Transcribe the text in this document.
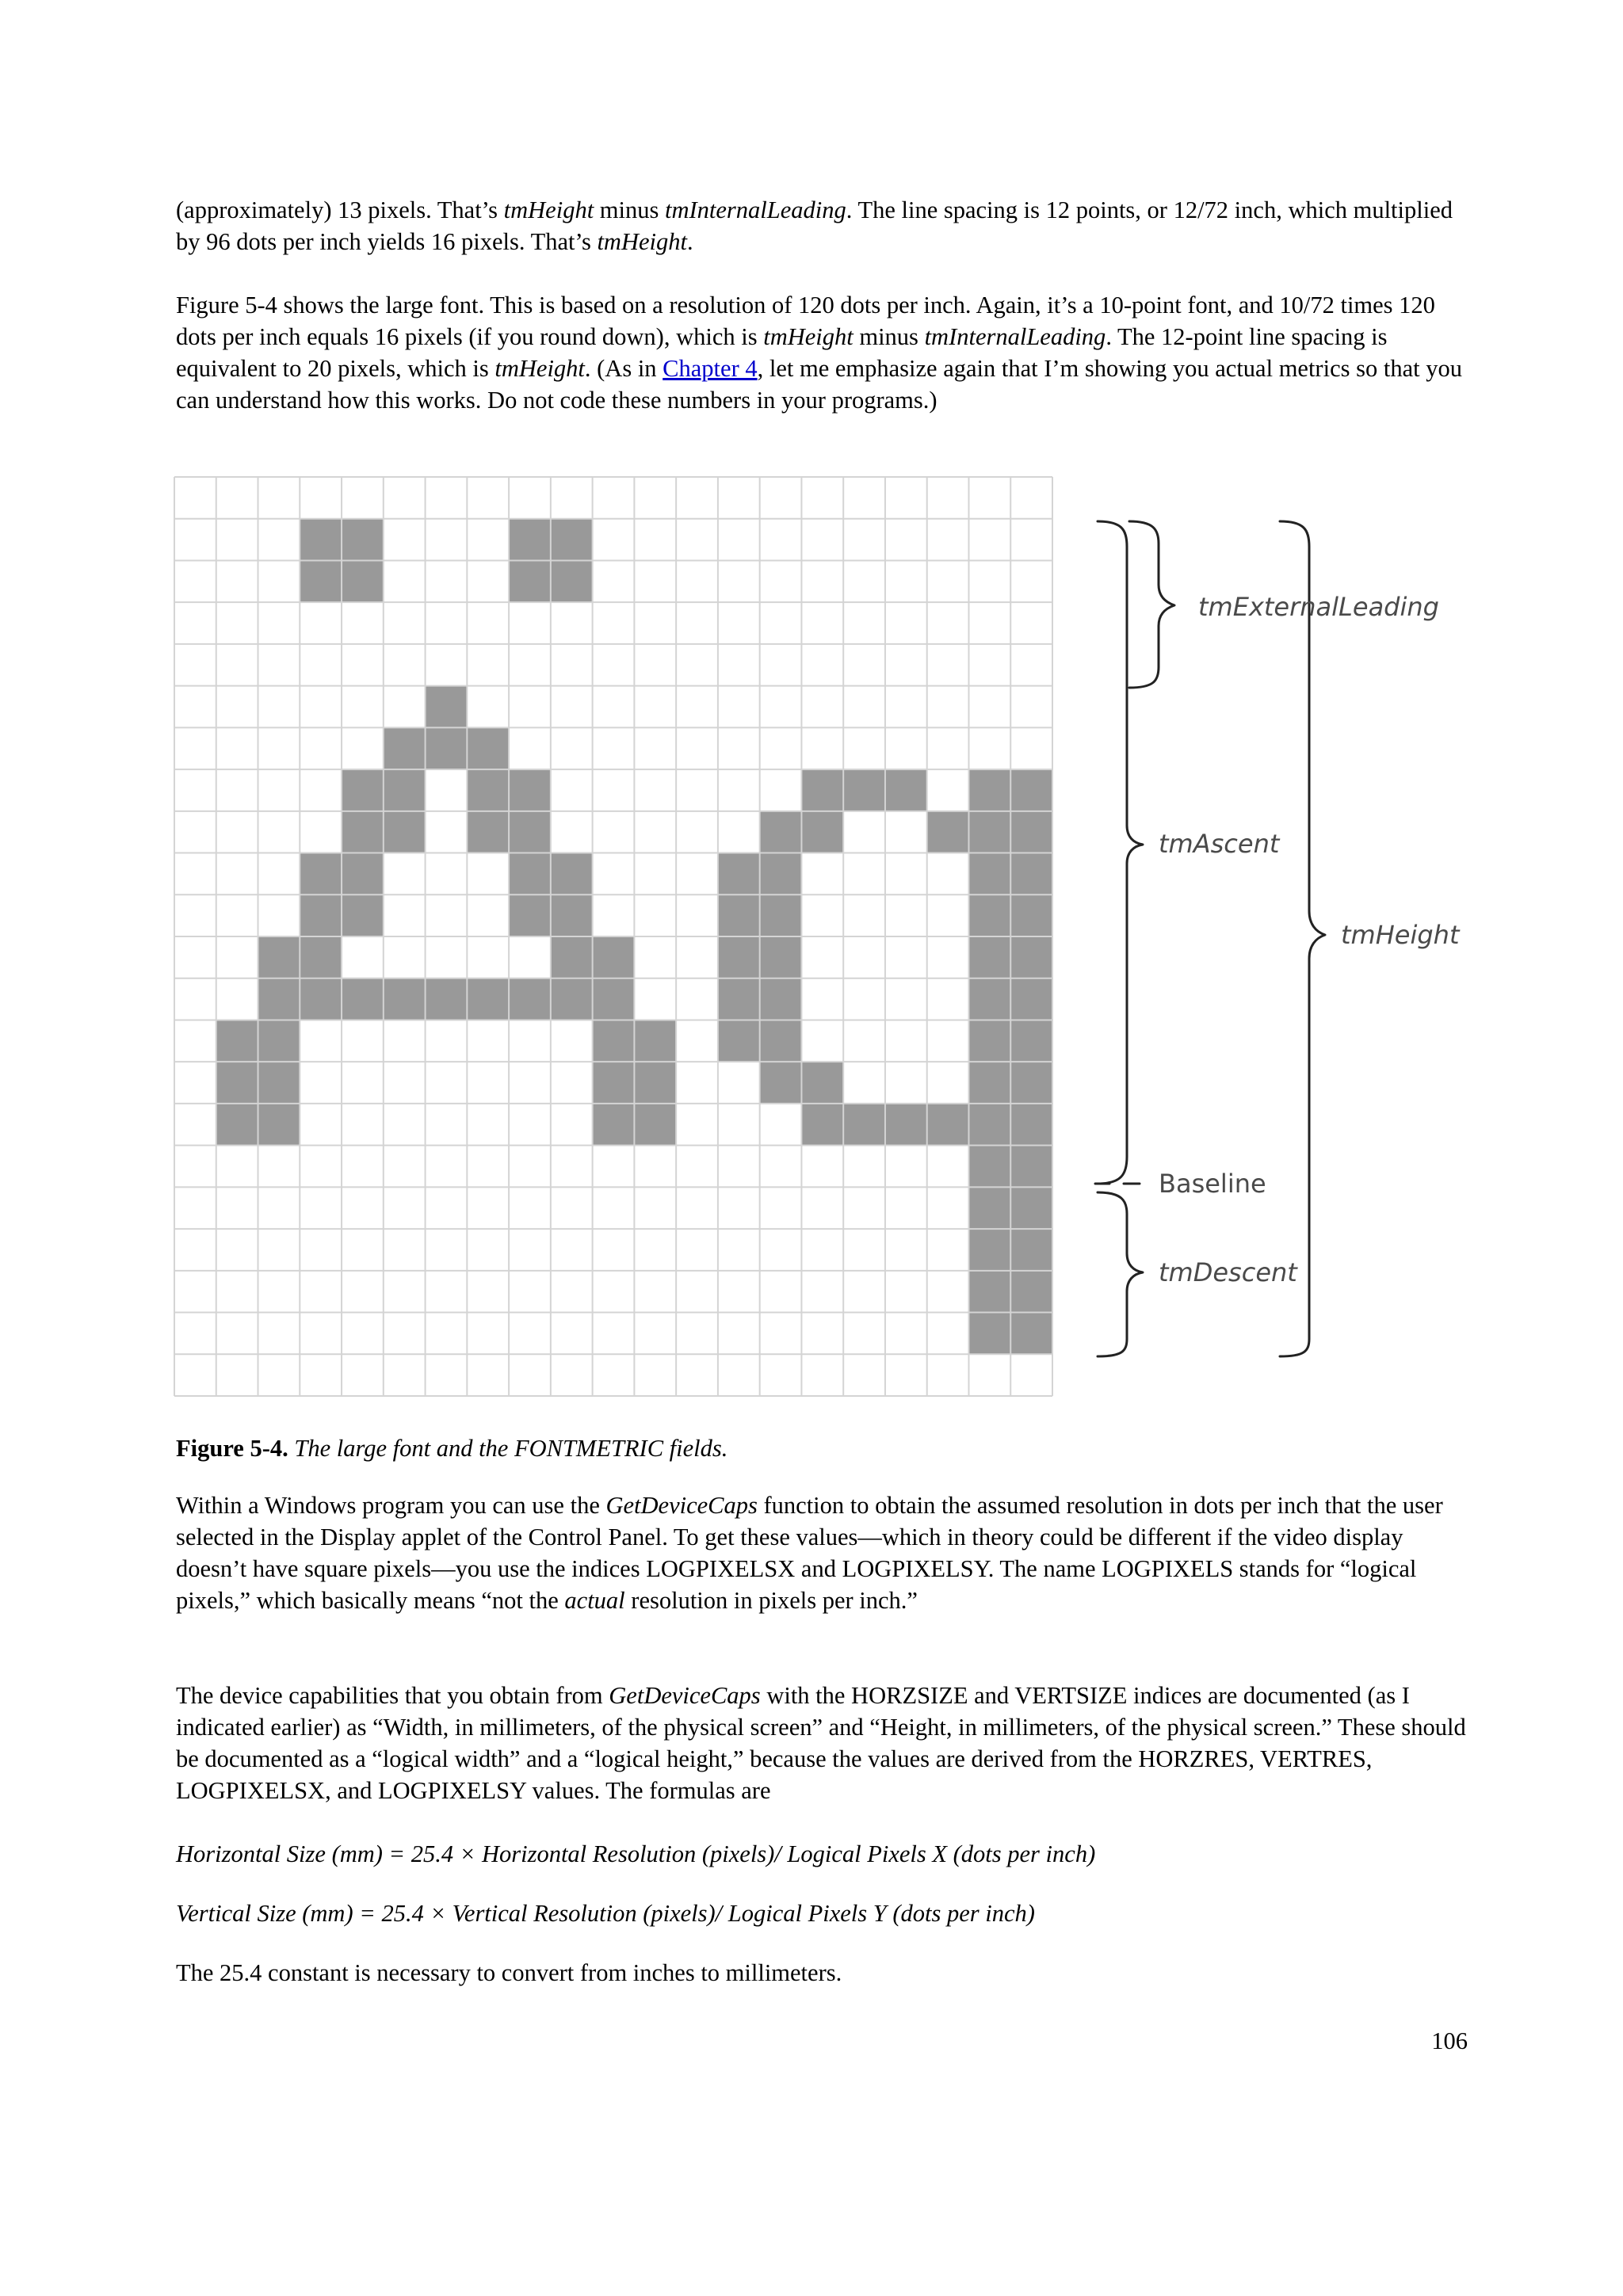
(approximately) 13 pixels. That’s tmHeight minus tmInternalLeading. The line spacing is 12 points, or 12/72 inch, which multiplied by 96 dots per inch yields 16 pixels. That’s tmHeight.

Figure 5-4 shows the large font. This is based on a resolution of 120 dots per inch. Again, it’s a 10-point font, and 10/72 times 120 dots per inch equals 16 pixels (if you round down), which is tmHeight minus tmInternalLeading. The 12-point line spacing is equivalent to 20 pixels, which is tmHeight. (As in Chapter 4, let me emphasize again that I’m showing you actual metrics so that you can understand how this works. Do not code these numbers in your programs.)

tmExternalLeading
tmAscent
tmHeight
Baseline
tmDescent

Figure 5-4. The large font and the FONTMETRIC fields.

Within a Windows program you can use the GetDeviceCaps function to obtain the assumed resolution in dots per inch that the user selected in the Display applet of the Control Panel. To get these values—which in theory could be different if the video display doesn’t have square pixels—you use the indices LOGPIXELSX and LOGPIXELSY. The name LOGPIXELS stands for “logical pixels,” which basically means “not the actual resolution in pixels per inch.”

The device capabilities that you obtain from GetDeviceCaps with the HORZSIZE and VERTSIZE indices are documented (as I indicated earlier) as “Width, in millimeters, of the physical screen” and “Height, in millimeters, of the physical screen.” These should be documented as a “logical width” and a “logical height,” because the values are derived from the HORZRES, VERTRES, LOGPIXELSX, and LOGPIXELSY values. The formulas are

Horizontal Size (mm) = 25.4 × Horizontal Resolution (pixels)/ Logical Pixels X (dots per inch)

Vertical Size (mm) = 25.4 × Vertical Resolution (pixels)/ Logical Pixels Y (dots per inch)

The 25.4 constant is necessary to convert from inches to millimeters.

106
